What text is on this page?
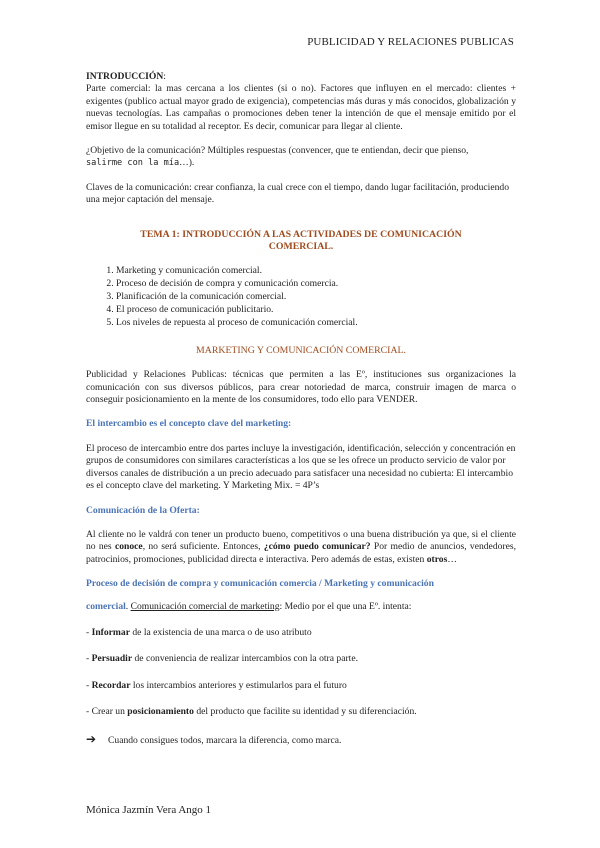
PUBLICIDAD Y RELACIONES PUBLICAS

INTRODUCCIÓN:

Parte comercial: la mas cercana a los clientes (si o no). Factores que influyen en el mercado: clientes + exigentes (publico actual mayor grado de exigencia), competencias más duras y más conocidos, globalización y nuevas tecnologías. Las campañas o promociones deben tener la intención de que el mensaje emitido por el emisor llegue en su totalidad al receptor. Es decir, comunicar para llegar al cliente.

¿Objetivo de la comunicación? Múltiples respuestas (convencer, que te entiendan, decir que pienso,
salirme con la mía…).

Claves de la comunicación: crear confianza, la cual crece con el tiempo, dando lugar facilitación, produciendo una mejor captación del mensaje.

TEMA 1: INTRODUCCIÓN A LAS ACTIVIDADES DE COMUNICACIÓN
COMERCIAL.
1. Marketing y comunicación comercial.
2. Proceso de decisión de compra y comunicación comercia.
3. Planificación de la comunicación comercial.
4. El proceso de comunicación publicitario.
5. Los niveles de repuesta al proceso de comunicación comercial.
MARKETING Y COMUNICACIÓN COMERCIAL.

Publicidad y Relaciones Publicas: técnicas que permiten a las Eº, instituciones sus organizaciones la comunicación con sus diversos públicos, para crear notoriedad de marca, construir imagen de marca o conseguir posicionamiento en la mente de los consumidores, todo ello para VENDER.

El intercambio es el concepto clave del marketing:

El proceso de intercambio entre dos partes incluye la investigación, identificación, selección y concentración en grupos de consumidores con similares características a los que se les ofrece un producto servicio de valor por diversos canales de distribución a un precio adecuado para satisfacer una necesidad no cubierta: El intercambio es el concepto clave del marketing. Y Marketing Mix. = 4P’s

Comunicación de la Oferta:

Al cliente no le valdrá con tener un producto bueno, competitivos o una buena distribución ya que, si el cliente no nes conoce, no será suficiente. Entonces, ¿cómo puedo comunicar? Por medio de anuncios, vendedores, patrocinios, promociones, publicidad directa e interactiva. Pero además de estas, existen otros…

Proceso de decisión de compra y comunicación comercia / Marketing y comunicación

comercial. Comunicación comercial de marketing: Medio por el que una Eº. intenta:

- Informar de la existencia de una marca o de uso atributo

- Persuadir de conveniencia de realizar intercambios con la otra parte.

- Recordar los intercambios anteriores y estimularlos para el futuro

- Crear un posicionamiento del producto que facilite su identidad y su diferenciación.

➔ Cuando consigues todos, marcara la diferencia, como marca.

Mónica Jazmín Vera Ango 1
